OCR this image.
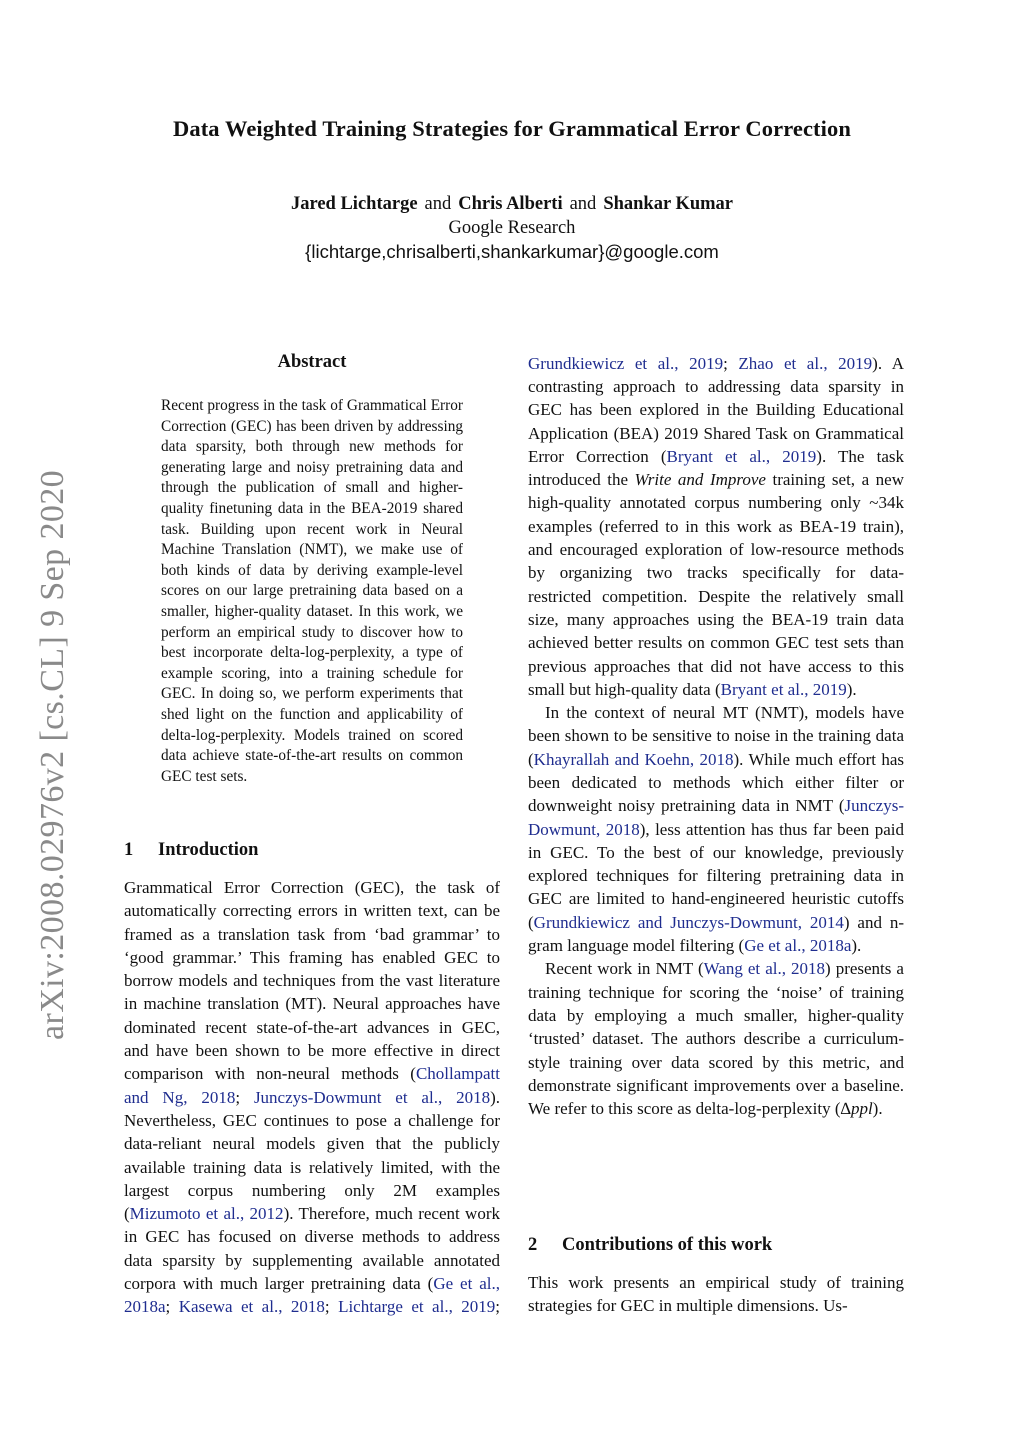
Data Weighted Training Strategies for Grammatical Error Correction
Jared Lichtarge and Chris Alberti and Shankar Kumar
Google Research
{lichtarge,chrisalberti,shankarkumar}@google.com
arXiv:2008.02976v2 [cs.CL] 9 Sep 2020
Abstract
Recent progress in the task of Grammatical Error Correction (GEC) has been driven by addressing data sparsity, both through new methods for generating large and noisy pretraining data and through the publication of small and higher-quality finetuning data in the BEA-2019 shared task. Building upon recent work in Neural Machine Translation (NMT), we make use of both kinds of data by deriving example-level scores on our large pretraining data based on a smaller, higher-quality dataset. In this work, we perform an empirical study to discover how to best incorporate delta-log-perplexity, a type of example scoring, into a training schedule for GEC. In doing so, we perform experiments that shed light on the function and applicability of delta-log-perplexity. Models trained on scored data achieve state-of-the-art results on common GEC test sets.
1 Introduction

Grammatical Error Correction (GEC), the task of automatically correcting errors in written text, can be framed as a translation task from ‘bad grammar’ to ‘good grammar.’ This framing has enabled GEC to borrow models and techniques from the vast literature in machine translation (MT). Neural approaches have dominated recent state-of-the-art advances in GEC, and have been shown to be more effective in direct comparison with non-neural methods (Chollampatt and Ng, 2018; Junczys-Dowmunt et al., 2018). Nevertheless, GEC continues to pose a challenge for data-reliant neural models given that the publicly available training data is relatively limited, with the largest corpus numbering only 2M examples (Mizumoto et al., 2012). Therefore, much recent work in GEC has focused on diverse methods to address data sparsity by supplementing available annotated corpora with much larger pretraining data (Ge et al., 2018a; Kasewa et al., 2018; Lichtarge et al., 2019;

Grundkiewicz et al., 2019; Zhao et al., 2019). A contrasting approach to addressing data sparsity in GEC has been explored in the Building Educational Application (BEA) 2019 Shared Task on Grammatical Error Correction (Bryant et al., 2019). The task introduced the Write and Improve training set, a new high-quality annotated corpus numbering only ~34k examples (referred to in this work as BEA-19 train), and encouraged exploration of low-resource methods by organizing two tracks specifically for data-restricted competition. Despite the relatively small size, many approaches using the BEA-19 train data achieved better results on common GEC test sets than previous approaches that did not have access to this small but high-quality data (Bryant et al., 2019).

In the context of neural MT (NMT), models have been shown to be sensitive to noise in the training data (Khayrallah and Koehn, 2018). While much effort has been dedicated to methods which either filter or downweight noisy pretraining data in NMT (Junczys-Dowmunt, 2018), less attention has thus far been paid in GEC. To the best of our knowledge, previously explored techniques for filtering pretraining data in GEC are limited to hand-engineered heuristic cutoffs (Grundkiewicz and Junczys-Dowmunt, 2014) and n-gram language model filtering (Ge et al., 2018a).

Recent work in NMT (Wang et al., 2018) presents a training technique for scoring the ‘noise’ of training data by employing a much smaller, higher-quality ‘trusted’ dataset. The authors describe a curriculum-style training over data scored by this metric, and demonstrate significant improvements over a baseline. We refer to this score as delta-log-perplexity (∆ppl).

2 Contributions of this work
This work presents an empirical study of training strategies for GEC in multiple dimensions. Us-
